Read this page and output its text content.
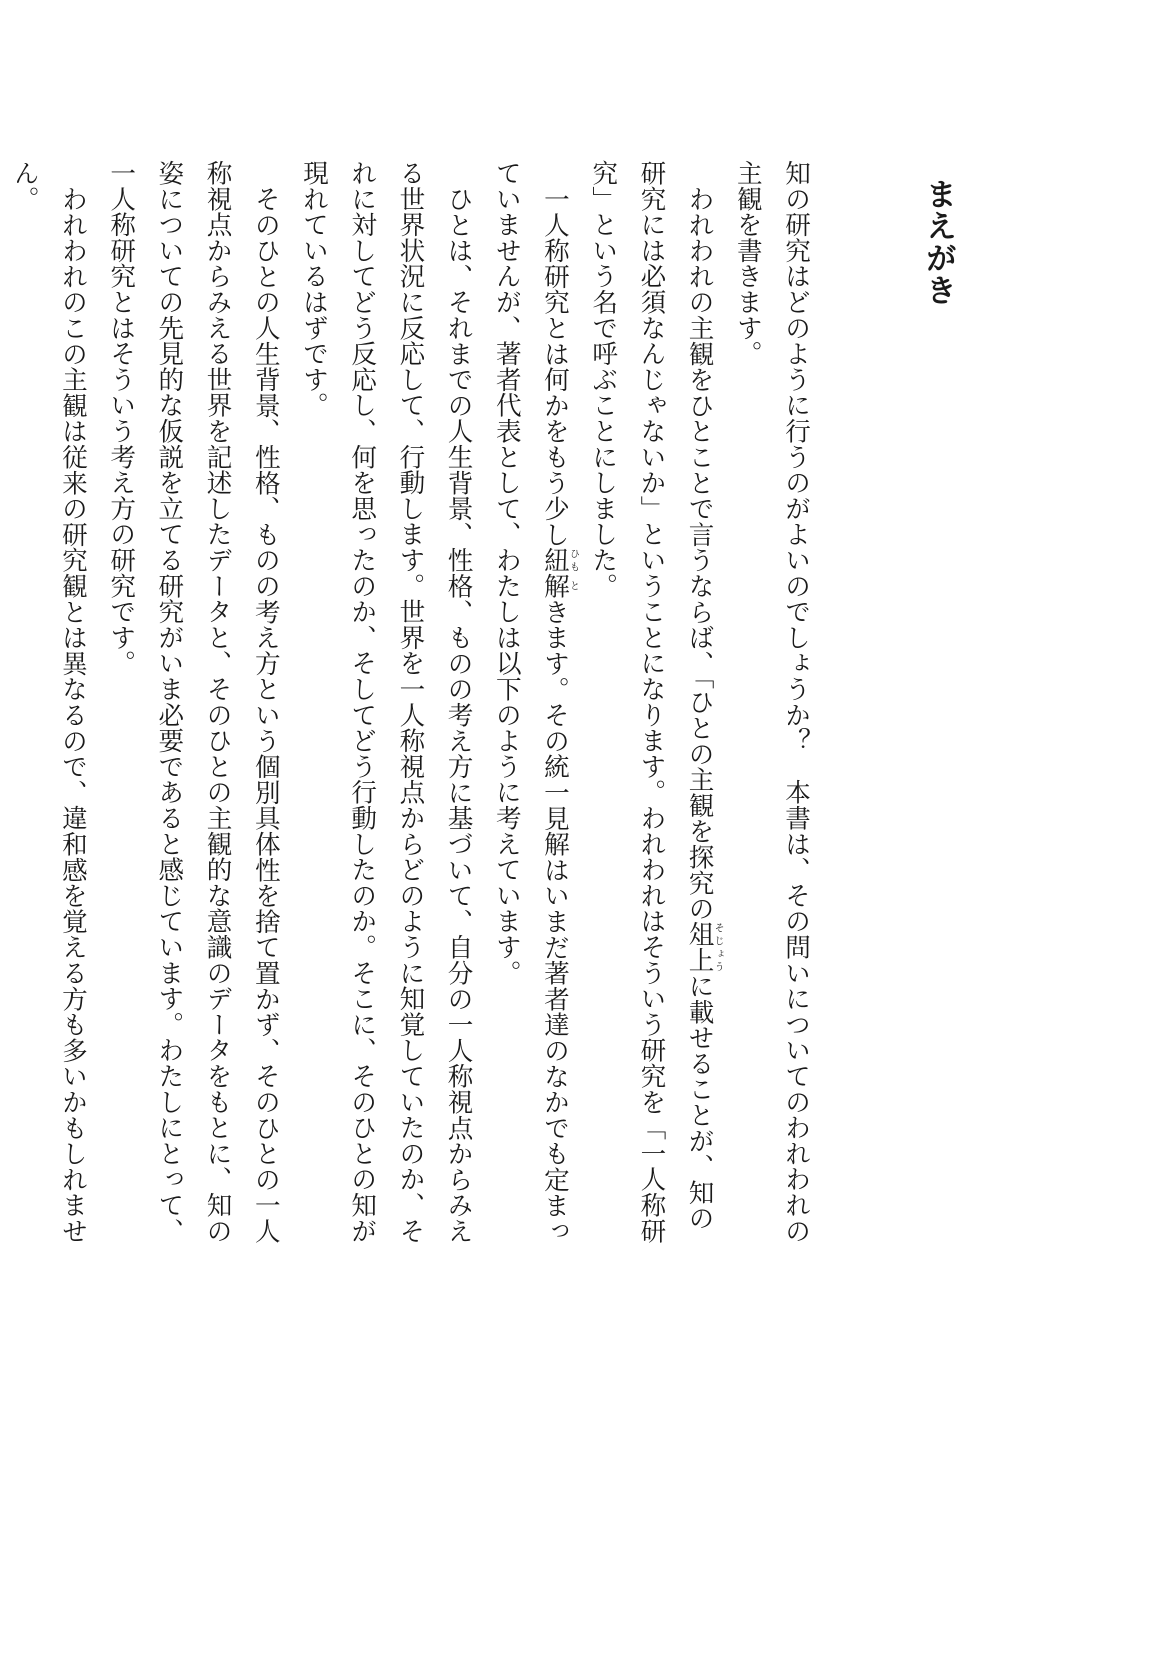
まえがき

知の研究はどのように行うのがよいのでしょうか？　本書は、その問いについてのわれわれの主観を書きます。

われわれの主観をひとことで言うならば、「ひとの主観を探究の俎上そじょうに載せることが、知の研究には必須なんじゃないか」ということになります。われわれはそういう研究を「一人称研究」という名で呼ぶことにしました。

一人称研究とは何かをもう少し紐ひも解ときます。その統一見解はいまだ著者達のなかでも定まっていませんが、著者代表として、わたしは以下のように考えています。

ひとは、それまでの人生背景、性格、ものの考え方に基づいて、自分の一人称視点からみえる世界状況に反応して、行動します。世界を一人称視点からどのように知覚していたのか、それに対してどう反応し、何を思ったのか、そしてどう行動したのか。そこに、そのひとの知が現れているはずです。

そのひとの人生背景、性格、ものの考え方という個別具体性を捨て置かず、そのひとの一人称視点からみえる世界を記述したデータと、そのひとの主観的な意識のデータをもとに、知の姿についての先見的な仮説を立てる研究がいま必要であると感じています。わたしにとって、一人称研究とはそういう考え方の研究です。

われわれのこの主観は従来の研究観とは異なるので、違和感を覚える方も多いかもしれません。
